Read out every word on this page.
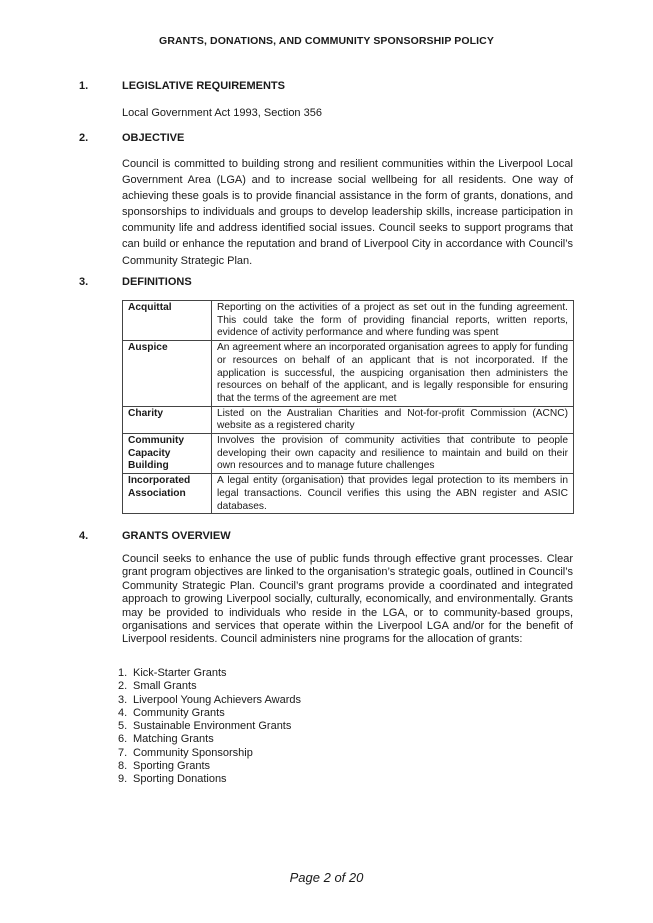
GRANTS, DONATIONS, AND COMMUNITY SPONSORSHIP POLICY
1.	LEGISLATIVE REQUIREMENTS
Local Government Act 1993, Section 356
2.	OBJECTIVE
Council is committed to building strong and resilient communities within the Liverpool Local Government Area (LGA) and to increase social wellbeing for all residents. One way of achieving these goals is to provide financial assistance in the form of grants, donations, and sponsorships to individuals and groups to develop leadership skills, increase participation in community life and address identified social issues. Council seeks to support programs that can build or enhance the reputation and brand of Liverpool City in accordance with Council’s Community Strategic Plan.
3.	DEFINITIONS
Acquittal	Reporting on the activities of a project as set out in the funding agreement. This could take the form of providing financial reports, written reports, evidence of activity performance and where funding was spent
Auspice	An agreement where an incorporated organisation agrees to apply for funding or resources on behalf of an applicant that is not incorporated. If the application is successful, the auspicing organisation then administers the resources on behalf of the applicant, and is legally responsible for ensuring that the terms of the agreement are met
Charity	Listed on the Australian Charities and Not-for-profit Commission (ACNC) website as a registered charity
Community Capacity Building	Involves the provision of community activities that contribute to people developing their own capacity and resilience to maintain and build on their own resources and to manage future challenges
Incorporated Association	A legal entity (organisation) that provides legal protection to its members in legal transactions. Council verifies this using the ABN register and ASIC databases.
4.	GRANTS OVERVIEW
Council seeks to enhance the use of public funds through effective grant processes. Clear grant program objectives are linked to the organisation’s strategic goals, outlined in Council’s Community Strategic Plan. Council’s grant programs provide a coordinated and integrated approach to growing Liverpool socially, culturally, economically, and environmentally. Grants may be provided to individuals who reside in the LGA, or to community-based groups, organisations and services that operate within the Liverpool LGA and/or for the benefit of Liverpool residents. Council administers nine programs for the allocation of grants:
1. Kick-Starter Grants
2. Small Grants
3. Liverpool Young Achievers Awards
4. Community Grants
5. Sustainable Environment Grants
6. Matching Grants
7. Community Sponsorship
8. Sporting Grants
9. Sporting Donations
Page 2 of 20
